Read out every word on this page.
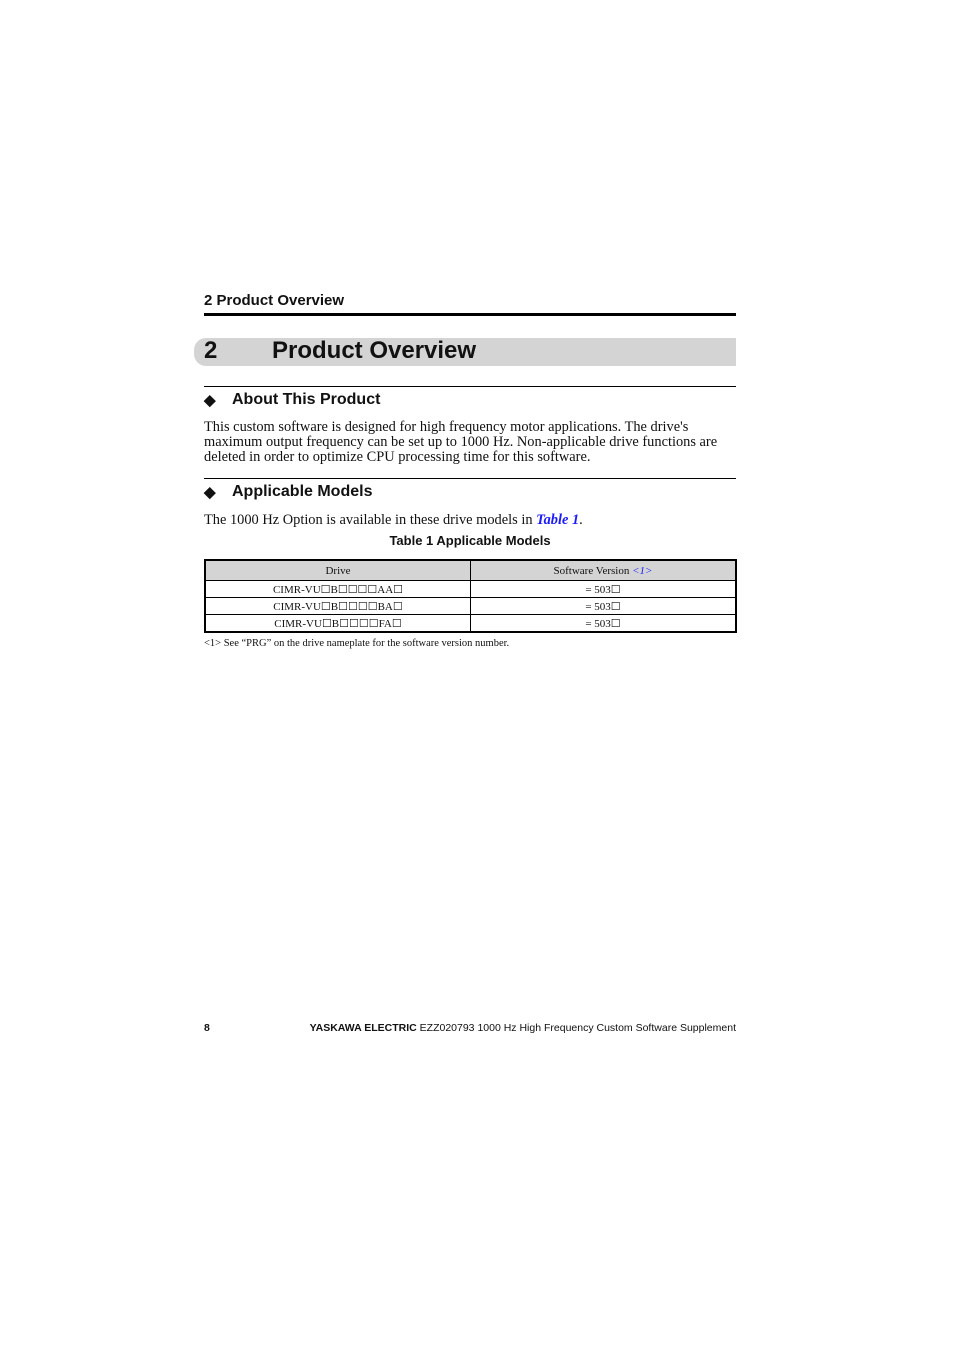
2 Product Overview
2 Product Overview
◆ About This Product

This custom software is designed for high frequency motor applications. The drive's maximum output frequency can be set up to 1000 Hz. Non-applicable drive functions are deleted in order to optimize CPU processing time for this software.

◆ Applicable Models

The 1000 Hz Option is available in these drive models in Table 1.

Table 1 Applicable Models
Drive	Software Version <1>
CIMR-VU☐B☐☐☐☐AA☐	= 503☐
CIMR-VU☐B☐☐☐☐BA☐	= 503☐
CIMR-VU☐B☐☐☐☐FA☐	= 503☐
<1> See “PRG” on the drive nameplate for the software version number.
8	YASKAWA ELECTRIC EZZ020793 1000 Hz High Frequency Custom Software Supplement
